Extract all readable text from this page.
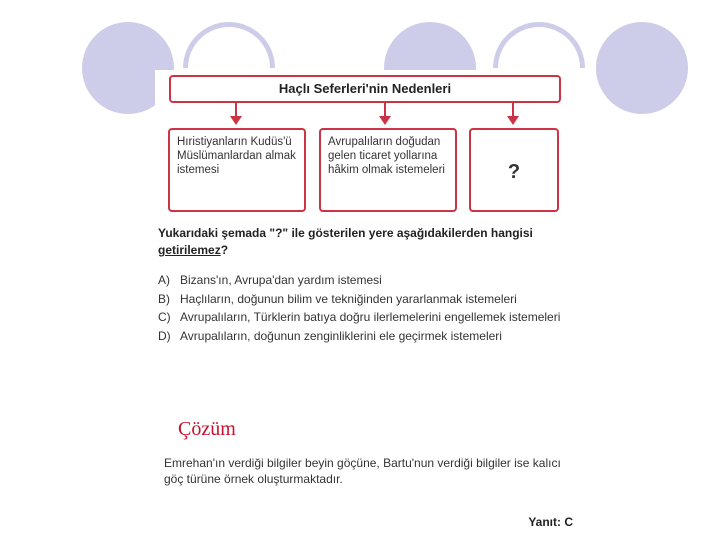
Haçlı Seferleri'nin Nedenleri
Hıristiyanların Kudüs'ü Müslümanlardan almak istemesi
Avrupalıların doğudan gelen ticaret yollarına hâkim olmak istemeleri	?
Yukarıdaki şemada "?" ile gösterilen yere aşağıdakilerden hangisi getirilemez?
A) Bizans'ın, Avrupa'dan yardım istemesi
B) Haçlıların, doğunun bilim ve tekniğinden yararlanmak istemeleri
C) Avrupalıların, Türklerin batıya doğru ilerlemelerini engellemek istemeleri
D) Avrupalıların, doğunun zenginliklerini ele geçirmek istemeleri
Çözüm
Emrehan'ın verdiği bilgiler beyin göçüne, Bartu'nun verdiği bilgiler ise kalıcı göç türüne örnek oluşturmaktadır.
Yanıt: C
